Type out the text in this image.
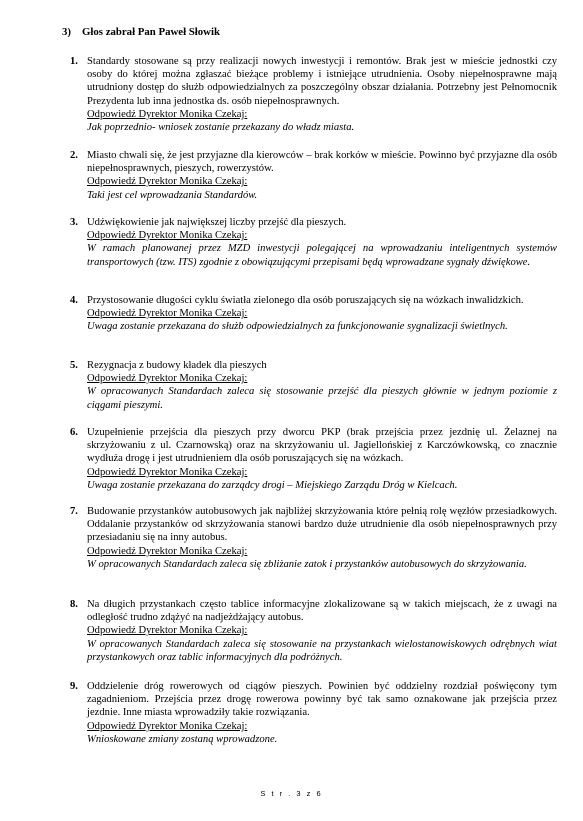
3) Głos zabrał Pan Paweł Słowik
1. Standardy stosowane są przy realizacji nowych inwestycji i remontów. Brak jest w mieście jednostki czy osoby do której można zgłaszać bieżące problemy i istniejące utrudnienia. Osoby niepełnosprawne mają utrudniony dostęp do służb odpowiedzialnych za poszczególny obszar działania. Potrzebny jest Pełnomocnik Prezydenta lub inna jednostka ds. osób niepełnosprawnych.
Odpowiedź Dyrektor Monika Czekaj:
Jak poprzednio- wniosek zostanie przekazany do władz miasta.
2. Miasto chwali się, że jest przyjazne dla kierowców – brak korków w mieście. Powinno być przyjazne dla osób niepełnosprawnych, pieszych, rowerzystów.
Odpowiedź Dyrektor Monika Czekaj:
Taki jest cel wprowadzania Standardów.
3. Udźwiękowienie jak największej liczby przejść dla pieszych.
Odpowiedź Dyrektor Monika Czekaj:
W ramach planowanej przez MZD inwestycji polegającej na wprowadzaniu inteligentnych systemów transportowych (tzw. ITS) zgodnie z obowiązującymi przepisami będą wprowadzane sygnały dźwiękowe.
4. Przystosowanie długości cyklu światła zielonego dla osób poruszających się na wózkach inwalidzkich.
Odpowiedź Dyrektor Monika Czekaj:
Uwaga zostanie przekazana do służb odpowiedzialnych za funkcjonowanie sygnalizacji świetlnych.
5. Rezygnacja z budowy kładek dla pieszych
Odpowiedź Dyrektor Monika Czekaj:
W opracowanych Standardach zaleca się stosowanie przejść dla pieszych głównie w jednym poziomie z ciągami pieszymi.
6. Uzupełnienie przejścia dla pieszych przy dworcu PKP (brak przejścia przez jezdnię ul. Żelaznej na skrzyżowaniu z ul. Czarnowską) oraz na skrzyżowaniu ul. Jagiellońskiej z Karczówkowską, co znacznie wydłuża drogę i jest utrudnieniem dla osób poruszających się na wózkach.
Odpowiedź Dyrektor Monika Czekaj:
Uwaga zostanie przekazana do zarządcy drogi – Miejskiego Zarządu Dróg w Kielcach.
7. Budowanie przystanków autobusowych jak najbliżej skrzyżowania które pełnią rolę węzłów przesiadkowych. Oddalanie przystanków od skrzyżowania stanowi bardzo duże utrudnienie dla osób niepełnosprawnych przy przesiadaniu się na inny autobus.
Odpowiedź Dyrektor Monika Czekaj:
W opracowanych Standardach zaleca się zbliżanie zatok i przystanków autobusowych do skrzyżowania.
8. Na długich przystankach często tablice informacyjne zlokalizowane są w takich miejscach, że z uwagi na odległość trudno zdążyć na nadjeżdżający autobus.
Odpowiedź Dyrektor Monika Czekaj:
W opracowanych Standardach zaleca się stosowanie na przystankach wielostanowiskowych odrębnych wiat przystankowych oraz tablic informacyjnych dla podróżnych.
9. Oddzielenie dróg rowerowych od ciągów pieszych. Powinien być oddzielny rozdział poświęcony tym zagadnieniom. Przejścia przez drogę rowerowa powinny być tak samo oznakowane jak przejścia przez jezdnie. Inne miasta wprowadziły takie rozwiązania.
Odpowiedź Dyrektor Monika Czekaj:
Wnioskowane zmiany zostaną wprowadzone.
S t r . 3 z 6
